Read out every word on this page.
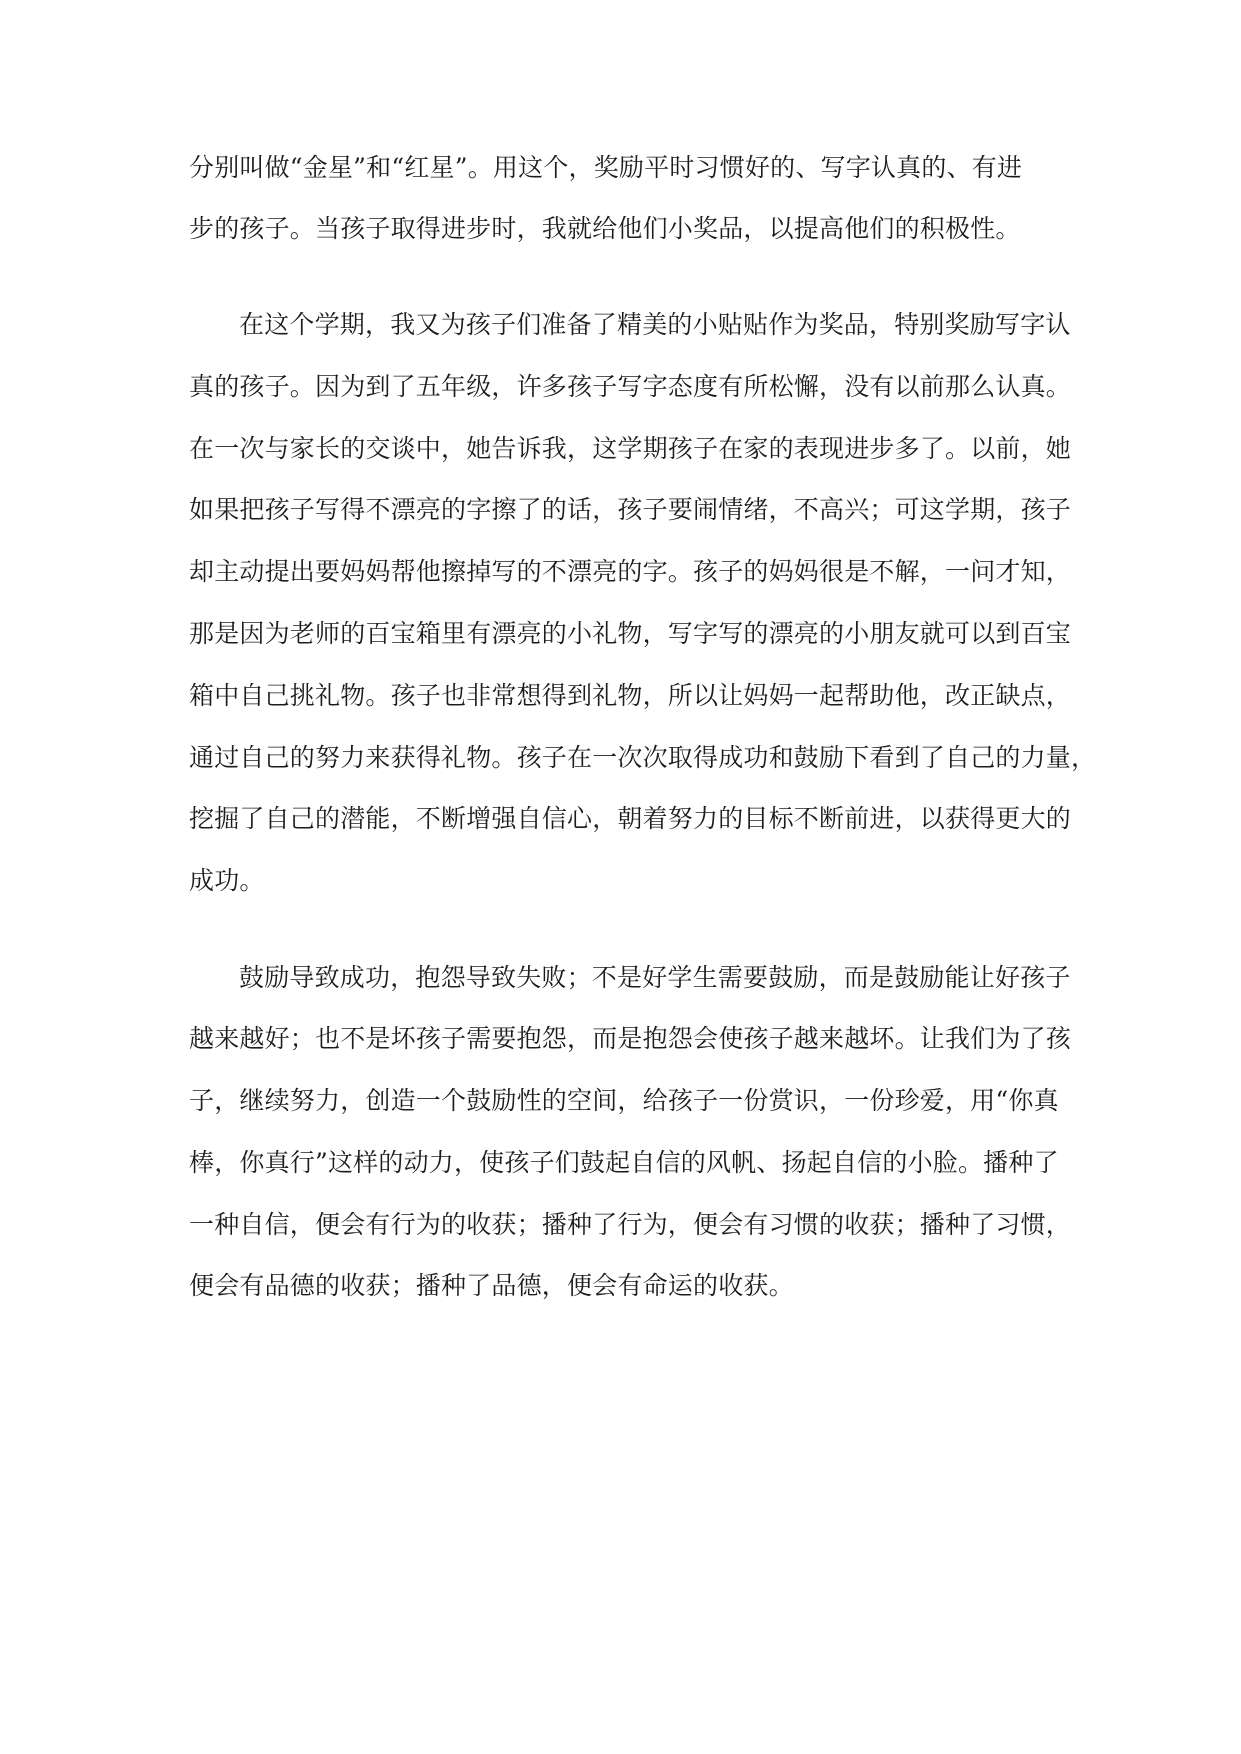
分别叫做“金星”和“红星”。用这个，奖励平时习惯好的、写字认真的、有进
步的孩子。当孩子取得进步时，我就给他们小奖品，以提高他们的积极性。
在这个学期，我又为孩子们准备了精美的小贴贴作为奖品，特别奖励写字认
真的孩子。因为到了五年级，许多孩子写字态度有所松懈，没有以前那么认真。
在一次与家长的交谈中，她告诉我，这学期孩子在家的表现进步多了。以前，她
如果把孩子写得不漂亮的字擦了的话，孩子要闹情绪，不高兴；可这学期，孩子
却主动提出要妈妈帮他擦掉写的不漂亮的字。孩子的妈妈很是不解，一问才知，
那是因为老师的百宝箱里有漂亮的小礼物，写字写的漂亮的小朋友就可以到百宝
箱中自己挑礼物。孩子也非常想得到礼物，所以让妈妈一起帮助他，改正缺点，
通过自己的努力来获得礼物。孩子在一次次取得成功和鼓励下看到了自己的力量，
挖掘了自己的潜能，不断增强自信心，朝着努力的目标不断前进，以获得更大的
成功。
鼓励导致成功，抱怨导致失败；不是好学生需要鼓励，而是鼓励能让好孩子
越来越好；也不是坏孩子需要抱怨，而是抱怨会使孩子越来越坏。让我们为了孩
子，继续努力，创造一个鼓励性的空间，给孩子一份赏识，一份珍爱，用“你真
棒，你真行”这样的动力，使孩子们鼓起自信的风帆、扬起自信的小脸。播种了
一种自信，便会有行为的收获；播种了行为，便会有习惯的收获；播种了习惯，
便会有品德的收获；播种了品德，便会有命运的收获。
